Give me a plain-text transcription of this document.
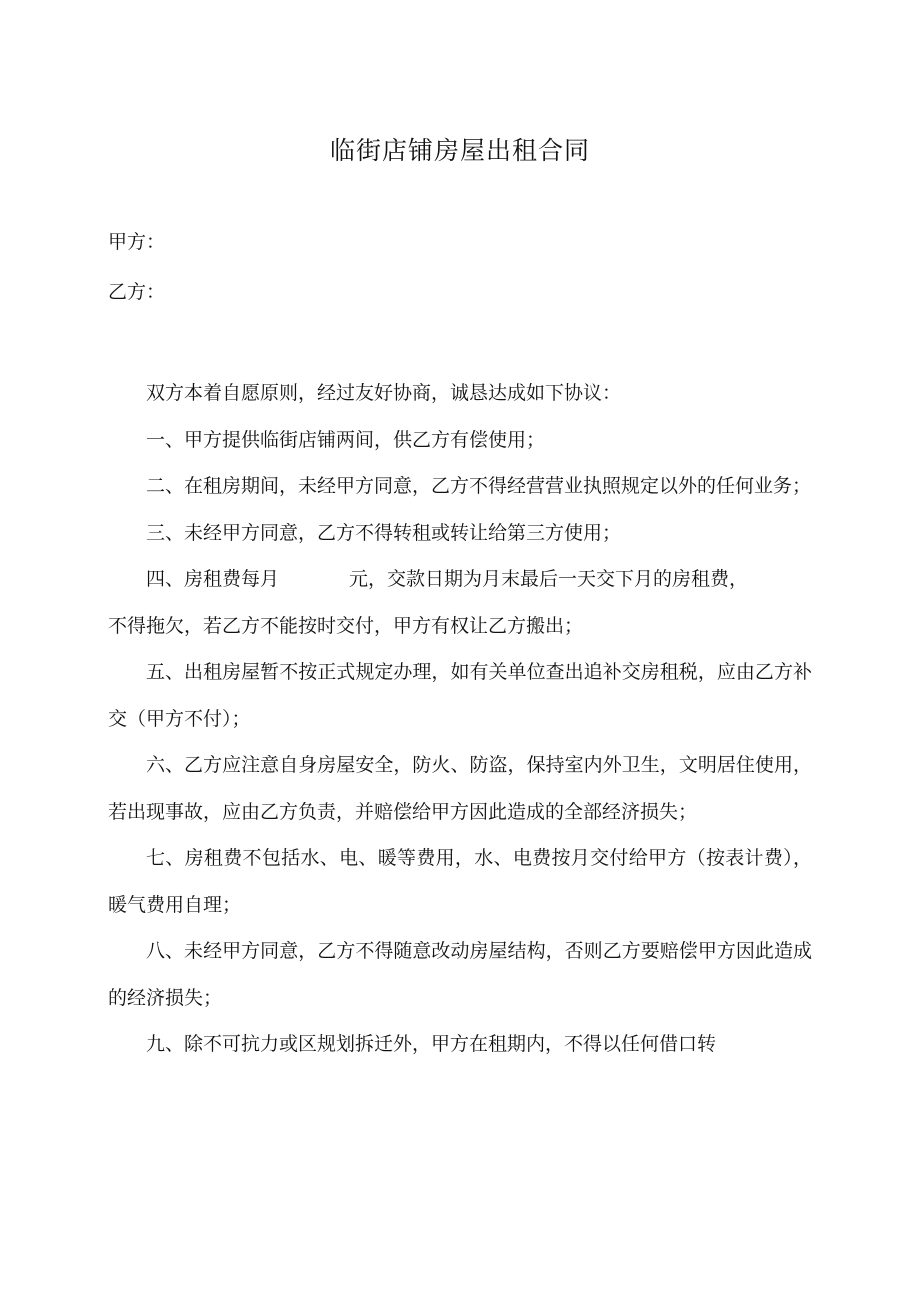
临街店铺房屋出租合同
甲方：
乙方：

双方本着自愿原则，经过友好协商，诚恳达成如下协议：

一、甲方提供临街店铺两间，供乙方有偿使用；

二、在租房期间，未经甲方同意，乙方不得经营营业执照规定以外的任何业务；

三、未经甲方同意，乙方不得转租或转让给第三方使用；

四、房租费每月	元，交款日期为月末最后一天交下月的房租费，
不得拖欠，若乙方不能按时交付，甲方有权让乙方搬出；

五、出租房屋暂不按正式规定办理，如有关单位查出追补交房租税，应由乙方补交（甲方不付）；

六、乙方应注意自身房屋安全，防火、防盗，保持室内外卫生，文明居住使用，若出现事故，应由乙方负责，并赔偿给甲方因此造成的全部经济损失；

七、房租费不包括水、电、暖等费用，水、电费按月交付给甲方（按表计费），暖气费用自理；

八、未经甲方同意，乙方不得随意改动房屋结构，否则乙方要赔偿甲方因此造成的经济损失；

九、除不可抗力或区规划拆迁外，甲方在租期内，不得以任何借口转
